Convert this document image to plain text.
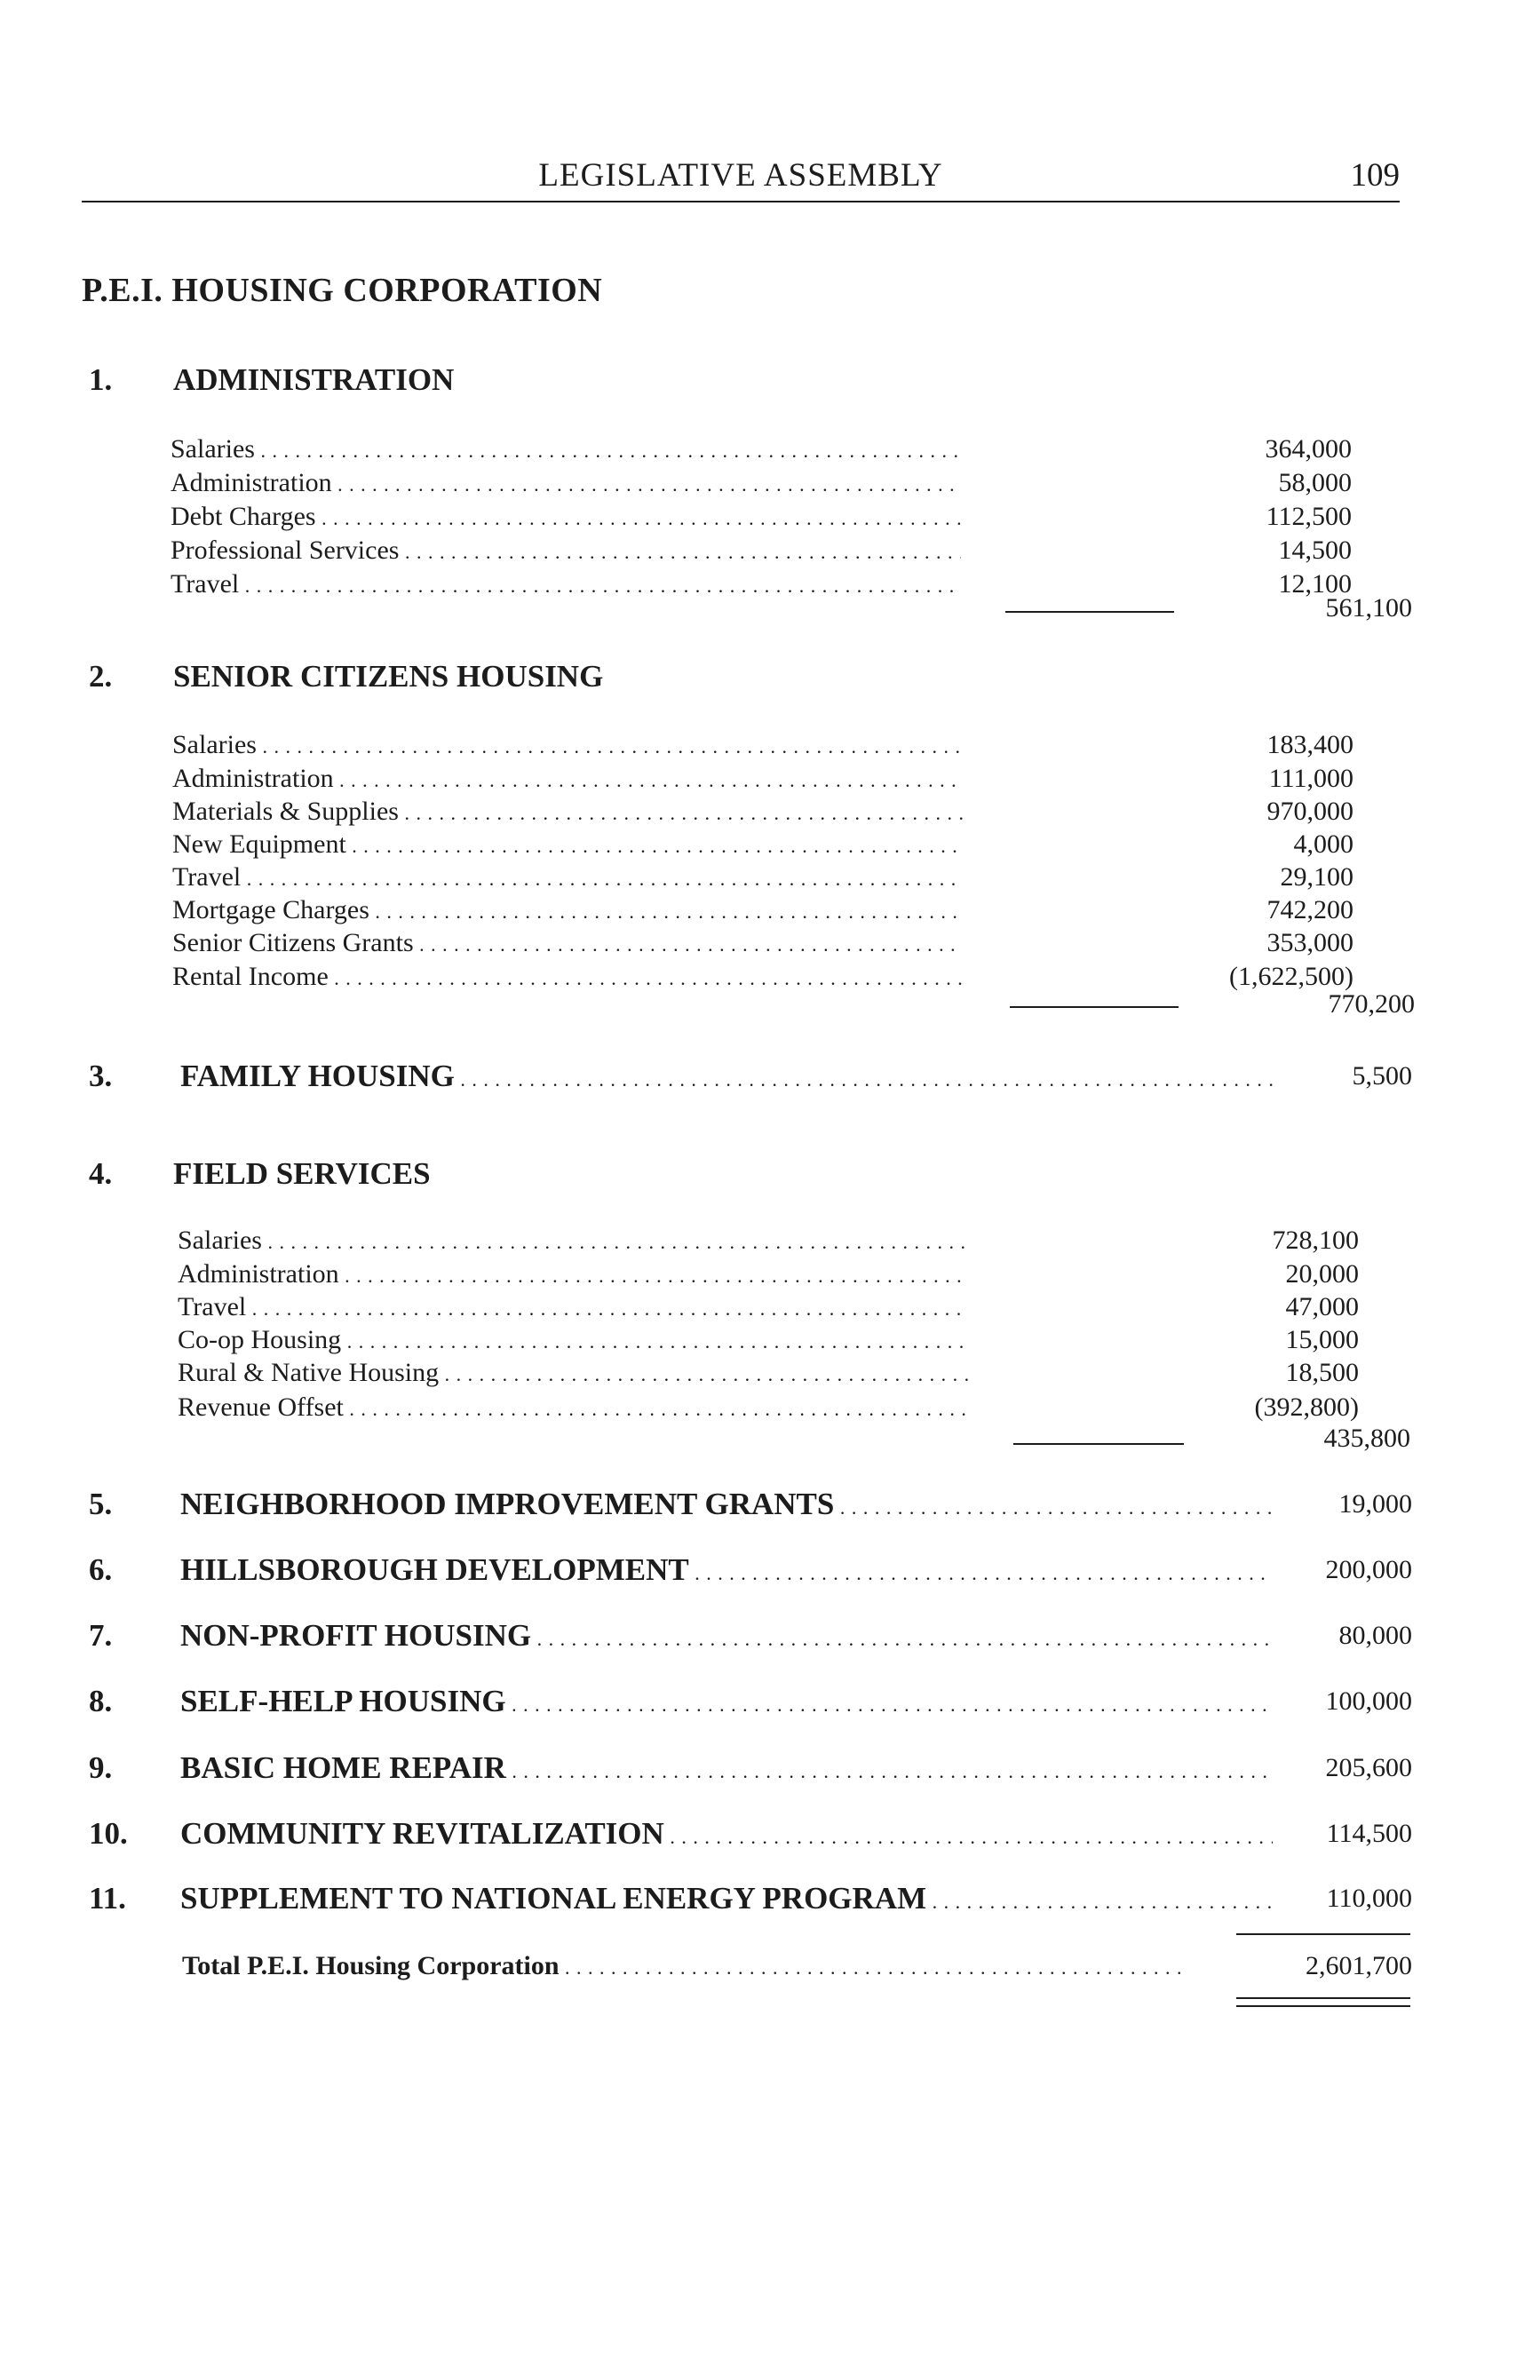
LEGISLATIVE ASSEMBLY	109
P.E.I. HOUSING CORPORATION
1. ADMINISTRATION
Salaries . . .	364,000
Administration . . .	58,000
Debt Charges . . .	112,500
Professional Services . . .	14,500
Travel . . .	12,100
561,100
2. SENIOR CITIZENS HOUSING
Salaries . . .	183,400
Administration . . .	111,000
Materials & Supplies . . .	970,000
New Equipment . . .	4,000
Travel . . .	29,100
Mortgage Charges . . .	742,200
Senior Citizens Grants . . .	353,000
Rental Income . . .	(1,622,500)
770,200
3.	FAMILY HOUSING . . .	5,500
4. FIELD SERVICES
Salaries . . .	728,100
Administration . . .	20,000
Travel . . .	47,000
Co-op Housing . . .	15,000
Rural & Native Housing . . .	18,500
Revenue Offset . . .	(392,800)
435,800
5.	NEIGHBORHOOD IMPROVEMENT GRANTS . . .	19,000
6.	HILLSBOROUGH DEVELOPMENT . . .	200,000
7.	NON-PROFIT HOUSING . . .	80,000
8.	SELF-HELP HOUSING . . .	100,000
9.	BASIC HOME REPAIR . . .	205,600
10.	COMMUNITY REVITALIZATION . . .	114,500
11.	SUPPLEMENT TO NATIONAL ENERGY PROGRAM . . .	110,000
Total P.E.I. Housing Corporation . . .	2,601,700
